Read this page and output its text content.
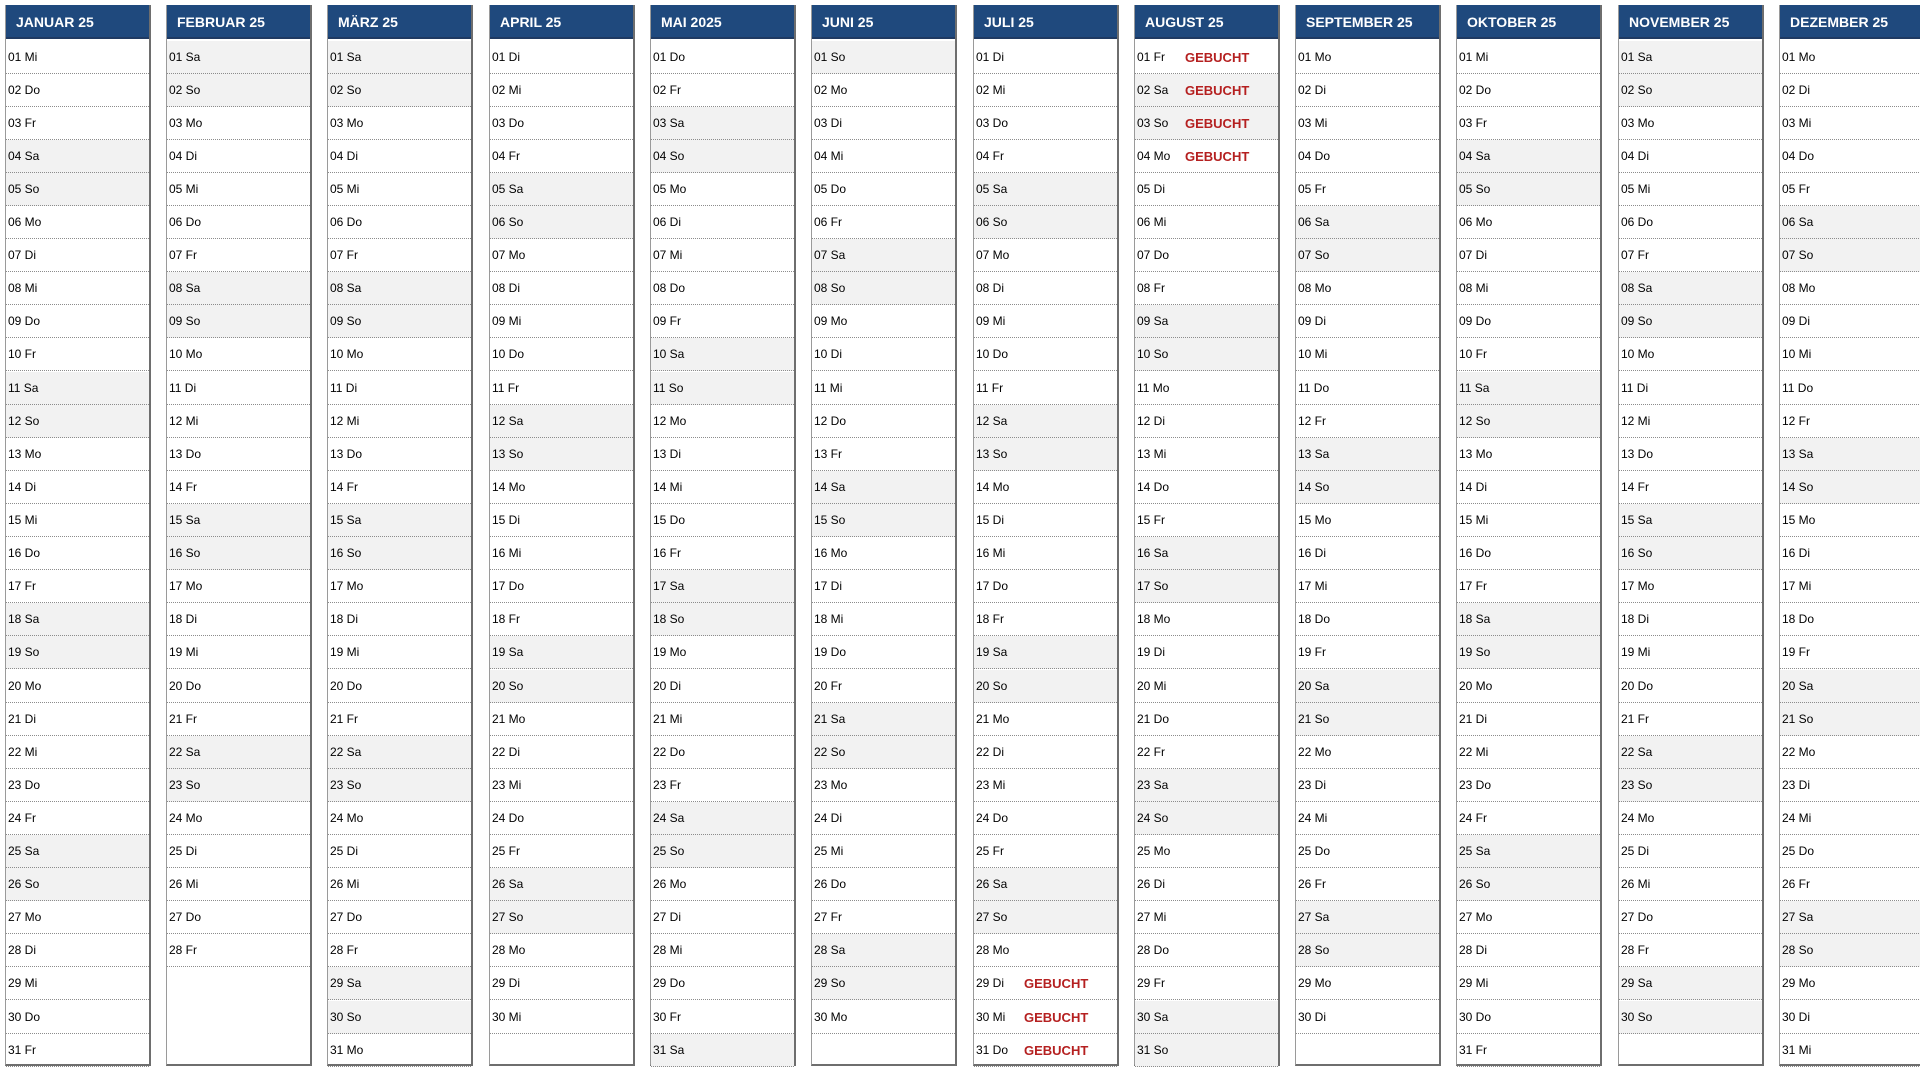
JANUAR 25
01 Mi
02 Do
03 Fr
04 Sa
05 So
06 Mo
07 Di
08 Mi
09 Do
10 Fr
11 Sa
12 So
13 Mo
14 Di
15 Mi
16 Do
17 Fr
18 Sa
19 So
20 Mo
21 Di
22 Mi
23 Do
24 Fr
25 Sa
26 So
27 Mo
28 Di
29 Mi
30 Do
31 Fr
FEBRUAR 25
01 Sa
02 So
03 Mo
04 Di
05 Mi
06 Do
07 Fr
08 Sa
09 So
10 Mo
11 Di
12 Mi
13 Do
14 Fr
15 Sa
16 So
17 Mo
18 Di
19 Mi
20 Do
21 Fr
22 Sa
23 So
24 Mo
25 Di
26 Mi
27 Do
28 Fr
MÄRZ 25
01 Sa
02 So
03 Mo
04 Di
05 Mi
06 Do
07 Fr
08 Sa
09 So
10 Mo
11 Di
12 Mi
13 Do
14 Fr
15 Sa
16 So
17 Mo
18 Di
19 Mi
20 Do
21 Fr
22 Sa
23 So
24 Mo
25 Di
26 Mi
27 Do
28 Fr
29 Sa
30 So
31 Mo
APRIL 25
01 Di
02 Mi
03 Do
04 Fr
05 Sa
06 So
07 Mo
08 Di
09 Mi
10 Do
11 Fr
12 Sa
13 So
14 Mo
15 Di
16 Mi
17 Do
18 Fr
19 Sa
20 So
21 Mo
22 Di
23 Mi
24 Do
25 Fr
26 Sa
27 So
28 Mo
29 Di
30 Mi
MAI 2025
01 Do
02 Fr
03 Sa
04 So
05 Mo
06 Di
07 Mi
08 Do
09 Fr
10 Sa
11 So
12 Mo
13 Di
14 Mi
15 Do
16 Fr
17 Sa
18 So
19 Mo
20 Di
21 Mi
22 Do
23 Fr
24 Sa
25 So
26 Mo
27 Di
28 Mi
29 Do
30 Fr
31 Sa
JUNI 25
01 So
02 Mo
03 Di
04 Mi
05 Do
06 Fr
07 Sa
08 So
09 Mo
10 Di
11 Mi
12 Do
13 Fr
14 Sa
15 So
16 Mo
17 Di
18 Mi
19 Do
20 Fr
21 Sa
22 So
23 Mo
24 Di
25 Mi
26 Do
27 Fr
28 Sa
29 So
30 Mo
JULI 25
01 Di
02 Mi
03 Do
04 Fr
05 Sa
06 So
07 Mo
08 Di
09 Mi
10 Do
11 Fr
12 Sa
13 So
14 Mo
15 Di
16 Mi
17 Do
18 Fr
19 Sa
20 So
21 Mo
22 Di
23 Mi
24 Do
25 Fr
26 Sa
27 So
28 Mo
29 Di GEBUCHT
30 Mi GEBUCHT
31 Do GEBUCHT
AUGUST 25
01 Fr GEBUCHT
02 Sa GEBUCHT
03 So GEBUCHT
04 Mo GEBUCHT
05 Di
06 Mi
07 Do
08 Fr
09 Sa
10 So
11 Mo
12 Di
13 Mi
14 Do
15 Fr
16 Sa
17 So
18 Mo
19 Di
20 Mi
21 Do
22 Fr
23 Sa
24 So
25 Mo
26 Di
27 Mi
28 Do
29 Fr
30 Sa
31 So
SEPTEMBER 25
01 Mo
02 Di
03 Mi
04 Do
05 Fr
06 Sa
07 So
08 Mo
09 Di
10 Mi
11 Do
12 Fr
13 Sa
14 So
15 Mo
16 Di
17 Mi
18 Do
19 Fr
20 Sa
21 So
22 Mo
23 Di
24 Mi
25 Do
26 Fr
27 Sa
28 So
29 Mo
30 Di
OKTOBER 25
01 Mi
02 Do
03 Fr
04 Sa
05 So
06 Mo
07 Di
08 Mi
09 Do
10 Fr
11 Sa
12 So
13 Mo
14 Di
15 Mi
16 Do
17 Fr
18 Sa
19 So
20 Mo
21 Di
22 Mi
23 Do
24 Fr
25 Sa
26 So
27 Mo
28 Di
29 Mi
30 Do
31 Fr
NOVEMBER 25
01 Sa
02 So
03 Mo
04 Di
05 Mi
06 Do
07 Fr
08 Sa
09 So
10 Mo
11 Di
12 Mi
13 Do
14 Fr
15 Sa
16 So
17 Mo
18 Di
19 Mi
20 Do
21 Fr
22 Sa
23 So
24 Mo
25 Di
26 Mi
27 Do
28 Fr
29 Sa
30 So
DEZEMBER 25
01 Mo
02 Di
03 Mi
04 Do
05 Fr
06 Sa
07 So
08 Mo
09 Di
10 Mi
11 Do
12 Fr
13 Sa
14 So
15 Mo
16 Di
17 Mi
18 Do
19 Fr
20 Sa
21 So
22 Mo
23 Di
24 Mi
25 Do
26 Fr
27 Sa
28 So
29 Mo
30 Di
31 Mi
